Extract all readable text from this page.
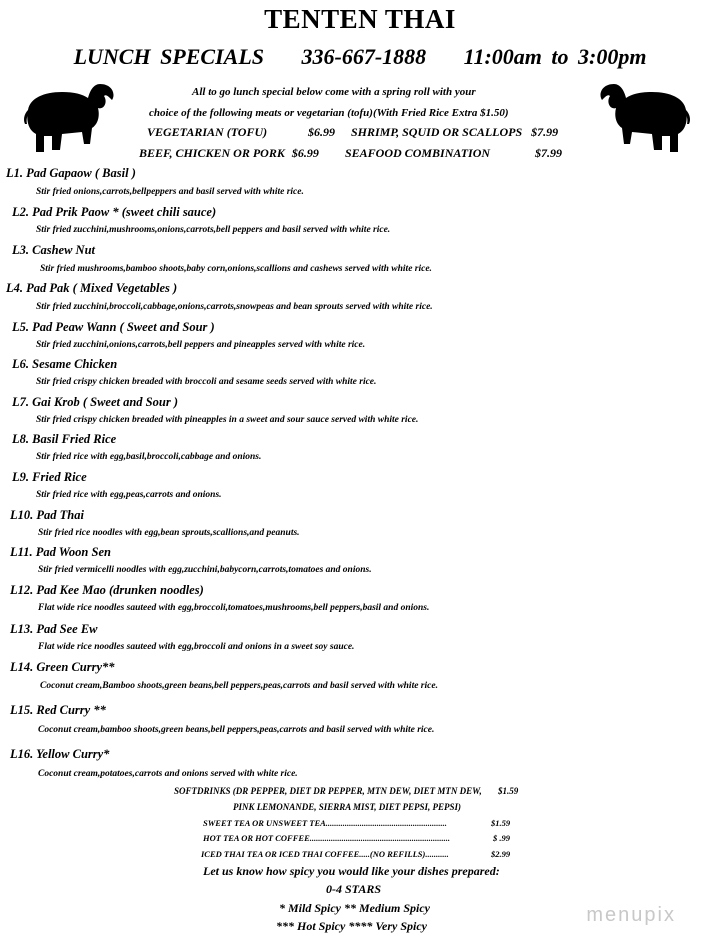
TENTEN THAI
LUNCH SPECIALS 336-667-1888 11:00am to 3:00pm
All to go lunch special below come with a spring roll with your
choice of the following meats or vegetarian (tofu)(With Fried Rice Extra $1.50)
VEGETARIAN (TOFU)	$6.99 SHRIMP, SQUID OR SCALLOPS $7.99
BEEF, CHICKEN OR PORK $6.99 SEAFOOD COMBINATION	$7.99
L1. Pad Gapaow ( Basil )
Stir fried onions,carrots,bellpeppers and basil served with white rice.
L2. Pad Prik Paow * (sweet chili sauce)
Stir fried zucchini,mushrooms,onions,carrots,bell peppers and basil served with white rice.
L3. Cashew Nut
Stir fried mushrooms,bamboo shoots,baby corn,onions,scallions and cashews served with white rice.
L4. Pad Pak ( Mixed Vegetables )
Stir fried zucchini,broccoli,cabbage,onions,carrots,snowpeas and bean sprouts served with white rice.
L5. Pad Peaw Wann ( Sweet and Sour )
Stir fried zucchini,onions,carrots,bell peppers and pineapples served with white rice.
L6. Sesame Chicken
Stir fried crispy chicken breaded with broccoli and sesame seeds served with white rice.
L7. Gai Krob ( Sweet and Sour )
Stir fried crispy chicken breaded with pineapples in a sweet and sour sauce served with white rice.
L8. Basil Fried Rice
Stir fried rice with egg,basil,broccoli,cabbage and onions.
L9. Fried Rice
Stir fried rice with egg,peas,carrots and onions.
L10. Pad Thai
Stir fried rice noodles with egg,bean sprouts,scallions,and peanuts.
L11. Pad Woon Sen
Stir fried vermicelli noodles with egg,zucchini,babycorn,carrots,tomatoes and onions.
L12. Pad Kee Mao (drunken noodles)
Flat wide rice noodles sauteed with egg,broccoli,tomatoes,mushrooms,bell peppers,basil and onions.
L13. Pad See Ew
Flat wide rice noodles sauteed with egg,broccoli and onions in a sweet soy sauce.
L14. Green Curry**
Coconut cream,Bamboo shoots,green beans,bell peppers,peas,carrots and basil served with white rice.
L15. Red Curry **
Coconut cream,bamboo shoots,green beans,bell peppers,peas,carrots and basil served with white rice.
L16. Yellow Curry*
Coconut cream,potatoes,carrots and onions served with white rice.
SOFTDRINKS (DR PEPPER, DIET DR PEPPER, MTN DEW, DIET MTN DEW, $1.59
PINK LEMONANDE, SIERRA MIST, DIET PEPSI, PEPSI)
SWEET TEA OR UNSWEET TEA.........................................................	$1.59
HOT TEA OR HOT COFFEE..................................................................	$ .99
ICED THAI TEA OR ICED THAI COFFEE.....(NO REFILLS)...........	$2.99
Let us know how spicy you would like your dishes prepared:
0-4 STARS
* Mild Spicy ** Medium Spicy
*** Hot Spicy **** Very Spicy	menupix
